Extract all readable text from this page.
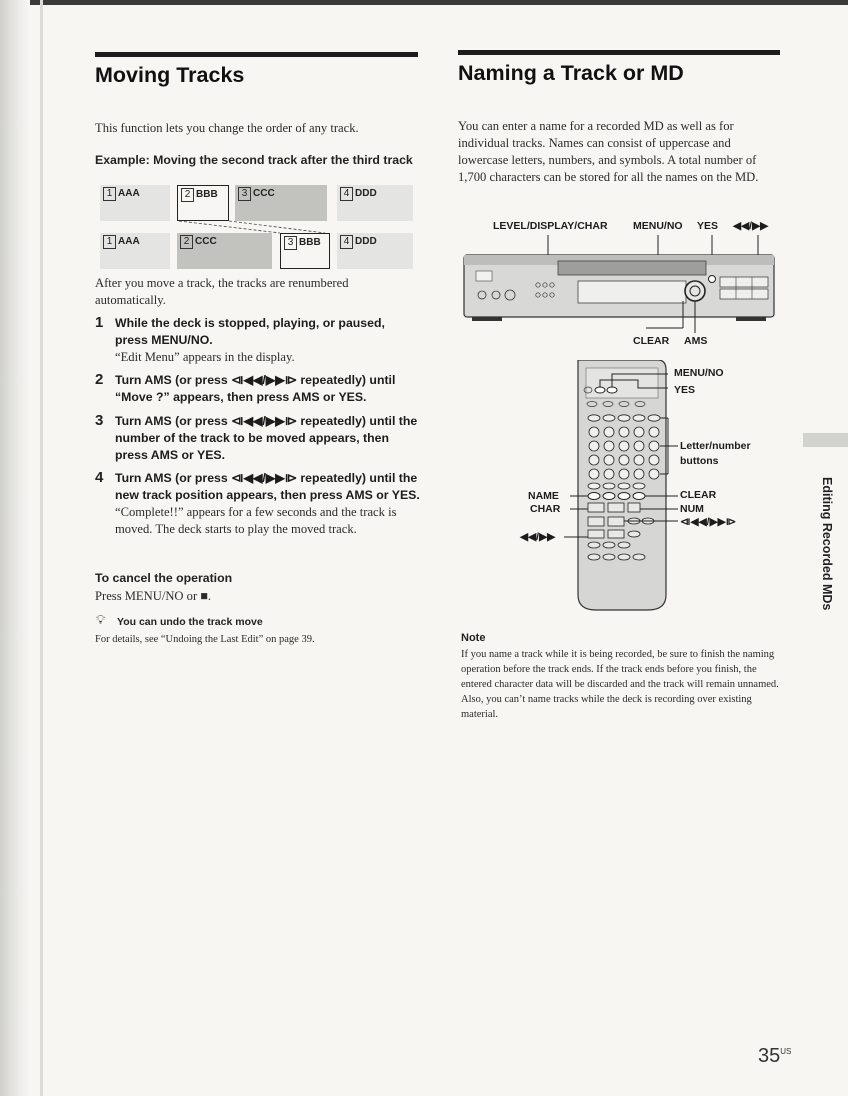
Moving Tracks

This function lets you change the order of any track.

Example: Moving the second track after the third track
1 AAA	2 BBB	3 CCC	4 DDD
1 AAA	2 CCC	3 BBB	4 DDD

After you move a track, the tracks are renumbered automatically.

1 While the deck is stopped, playing, or paused, press MENU/NO.
“Edit Menu” appears in the display.
2 Turn AMS (or press ⧏◀◀/▶▶⧐ repeatedly) until “Move ?” appears, then press AMS or YES.
3 Turn AMS (or press ⧏◀◀/▶▶⧐ repeatedly) until the number of the track to be moved appears, then press AMS or YES.
4 Turn AMS (or press ⧏◀◀/▶▶⧐ repeatedly) until the new track position appears, then press AMS or YES.
“Complete!!” appears for a few seconds and the track is moved. The deck starts to play the moved track.
To cancel the operation

Press MENU/NO or ■.

💡︎ You can undo the track move

For details, see “Undoing the Last Edit” on page 39.

Naming a Track or MD

You can enter a name for a recorded MD as well as for individual tracks. Names can consist of uppercase and lowercase letters, numbers, and symbols. A total number of 1,700 characters can be stored for all the names on the MD.

LEVEL/DISPLAY/CHAR MENU/NO YES ◀◀/▶▶
CLEAR AMS
MENU/NO
YES
Letter/number
buttons
NAME
CHAR
CLEAR
NUM
⧏◀◀/▶▶⧐
◀◀/▶▶
Note

If you name a track while it is being recorded, be sure to finish the naming operation before the track ends. If the track ends before you finish, the entered character data will be discarded and the track will remain unnamed. Also, you can’t name tracks while the deck is recording over existing material.

Editing Recorded MDs
$35^{US}$
